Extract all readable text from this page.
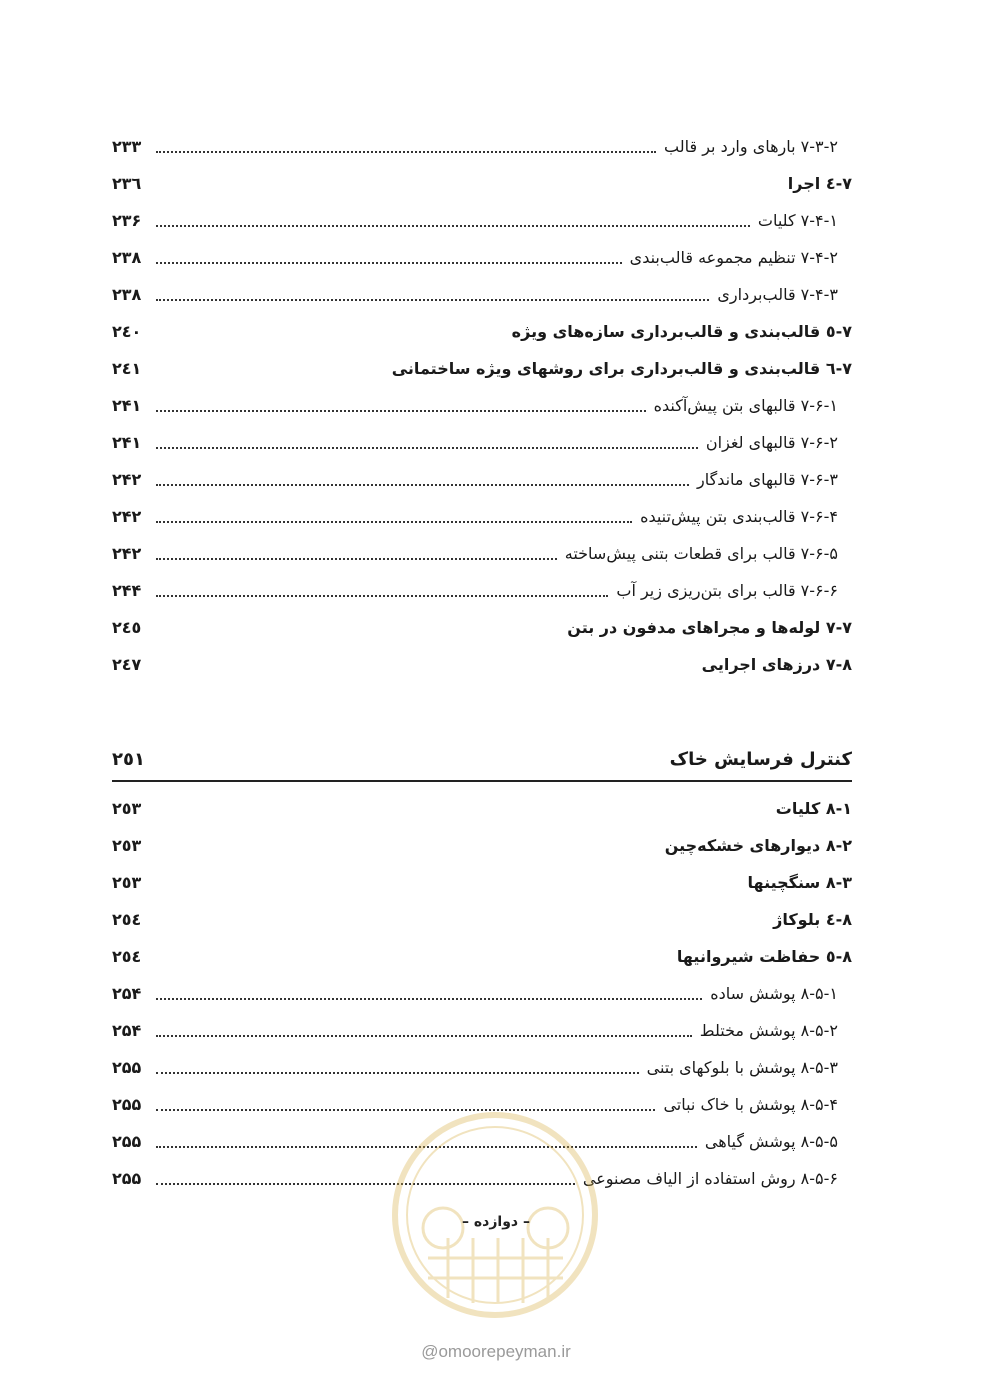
۷-۳-۲ بارهای وارد بر قالب
۲۳۳
۷-٤ اجرا
۲۳٦
۷-۴-۱ کلیات
۲۳۶
۷-۴-۲ تنظیم مجموعه قالب‌بندی
۲۳۸
۷-۴-۳ قالب‌برداری
۲۳۸
۷-٥ قالب‌بندی و قالب‌برداری سازه‌های ویژه
۲٤۰
۷-٦ قالب‌بندی و قالب‌برداری برای روشهای ویژه ساختمانی
۲٤۱
۷-۶-۱ قالبهای بتن پیش‌آکنده
۲۴۱
۷-۶-۲ قالبهای لغزان
۲۴۱
۷-۶-۳ قالبهای ماندگار
۲۴۲
۷-۶-۴ قالب‌بندی بتن پیش‌تنیده
۲۴۲
۷-۶-۵ قالب برای قطعات بتنی پیش‌ساخته
۲۴۲
۷-۶-۶ قالب برای بتن‌ریزی زیر آب
۲۴۴
۷-۷ لوله‌ها و مجراهای مدفون در بتن
۲٤٥
۷-۸ درزهای اجرایی
۲٤۷
کنترل فرسایش خاک
۲٥۱
۸-۱ کلیات
۲٥۳
۸-۲ دیوارهای خشکه‌چین
۲٥۳
۸-۳ سنگچینها
۲٥۳
۸-٤ بلوکاژ
۲٥٤
۸-٥ حفاظت شیروانیها
۲٥٤
۸-۵-۱ پوشش ساده
۲۵۴
۸-۵-۲ پوشش مختلط
۲۵۴
۸-۵-۳ پوشش با بلوکهای بتنی
۲۵۵
۸-۵-۴ پوشش با خاک نباتی
۲۵۵
۸-۵-۵ پوشش گیاهی
۲۵۵
۸-۵-۶ روش استفاده از الیاف مصنوعی
۲۵۵
– دوازده –
@omoorepeyman.ir
